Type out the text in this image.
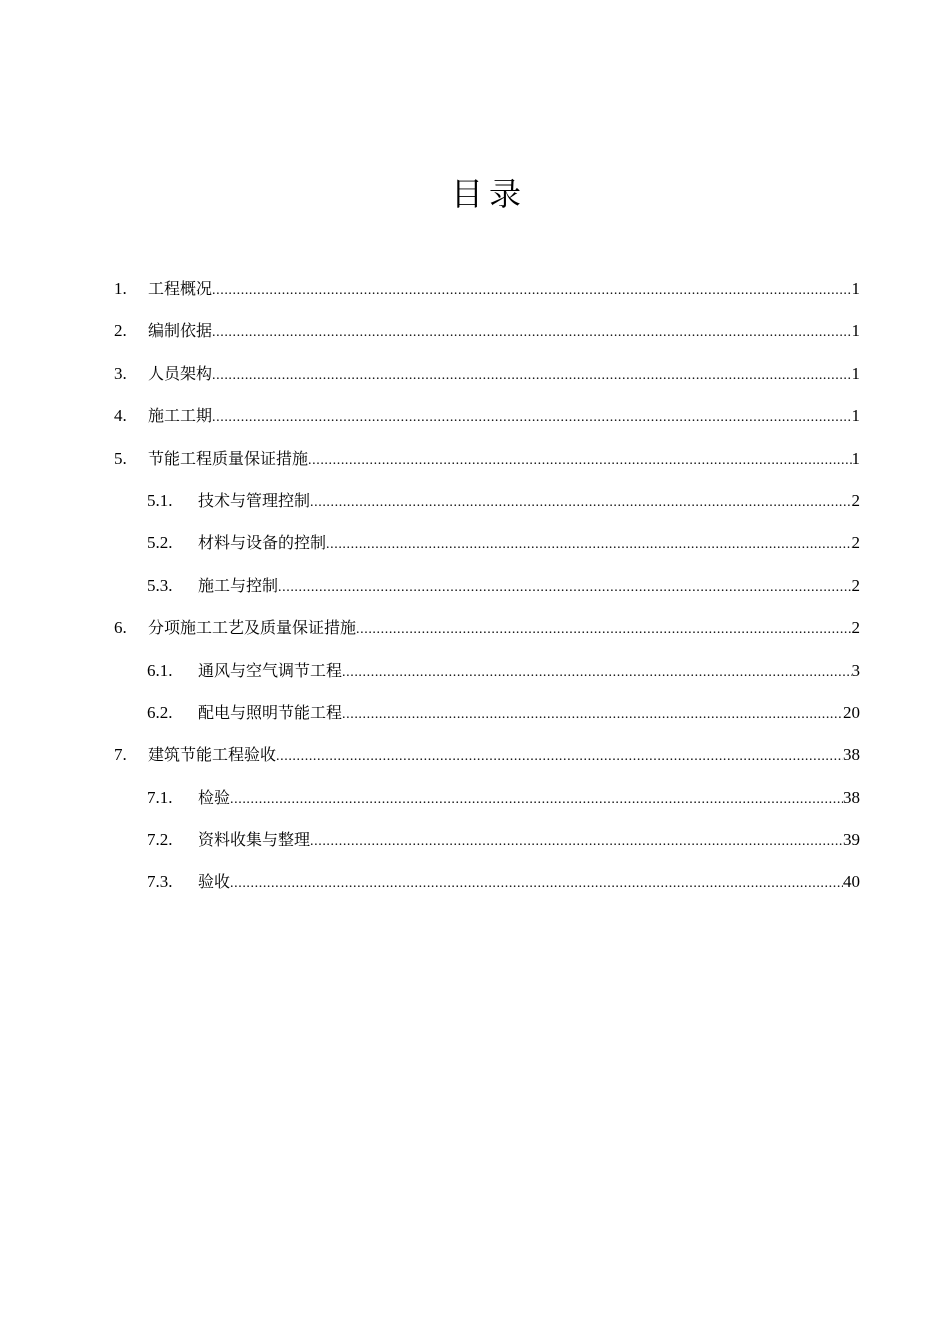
目录
1.	工程概况 .....	1
2.	编制依据 .....	1
3.	人员架构 .....	1
4.	施工工期 .....	1
5.	节能工程质量保证措施 .....	1
5.1.	技术与管理控制 .....	2
5.2.	材料与设备的控制 .....	2
5.3.	施工与控制 .....	2
6.	分项施工工艺及质量保证措施 .....	2
6.1.	通风与空气调节工程 .....	3
6.2.	配电与照明节能工程 .....	20
7.	建筑节能工程验收 .....	38
7.1.	检验 .....	38
7.2.	资料收集与整理 .....	39
7.3.	验收 .....	40
